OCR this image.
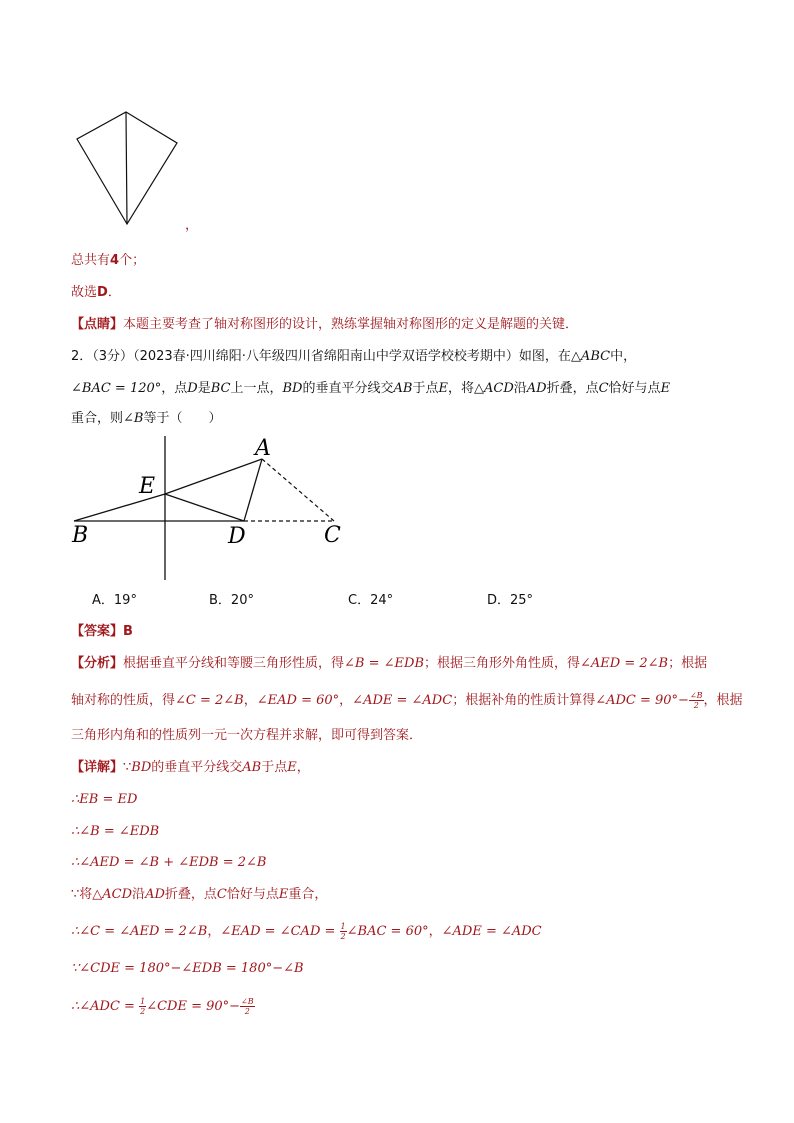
，
总共有4个；
故选D．
【点睛】本题主要考查了轴对称图形的设计，熟练掌握轴对称图形的定义是解题的关键．
2．（3分）（2023春·四川绵阳·八年级四川省绵阳南山中学双语学校校考期中）如图，在△ABC中，
∠BAC = 120°，点D是BC上一点，BD的垂直平分线交AB于点E，将△ACD沿AD折叠，点C恰好与点E
重合，则∠B等于（　　）
A
E
B	D	C
A．19°	B．20°	C．24°	D．25°
【答案】B
【分析】根据垂直平分线和等腰三角形性质，得∠B = ∠EDB；根据三角形外角性质，得∠AED = 2∠B；根据
轴对称的性质，得∠C = 2∠B，∠EAD = 60°，∠ADE = ∠ADC；根据补角的性质计算得∠ADC = $90^\circ- \frac{\angle B}{2}$ ，根据
三角形内角和的性质列一元一次方程并求解，即可得到答案．
【详解】∵BD的垂直平分线交AB于点E，
∴EB = ED
∴∠B = ∠EDB
∴∠AED = ∠B + ∠EDB = 2∠B
∵将△ACD沿AD折叠，点C恰好与点E重合，
∴∠C = ∠AED = 2∠B，∠EAD = ∠CAD = $\frac{1}{2}$ ∠BAC = 60°，∠ADE = ∠ADC
∵∠CDE = 180°−∠EDB = 180°−∠B
∴∠ADC = $\frac{1}{2}$ ∠CDE = $90^\circ- \frac{\angle B}{2}$
